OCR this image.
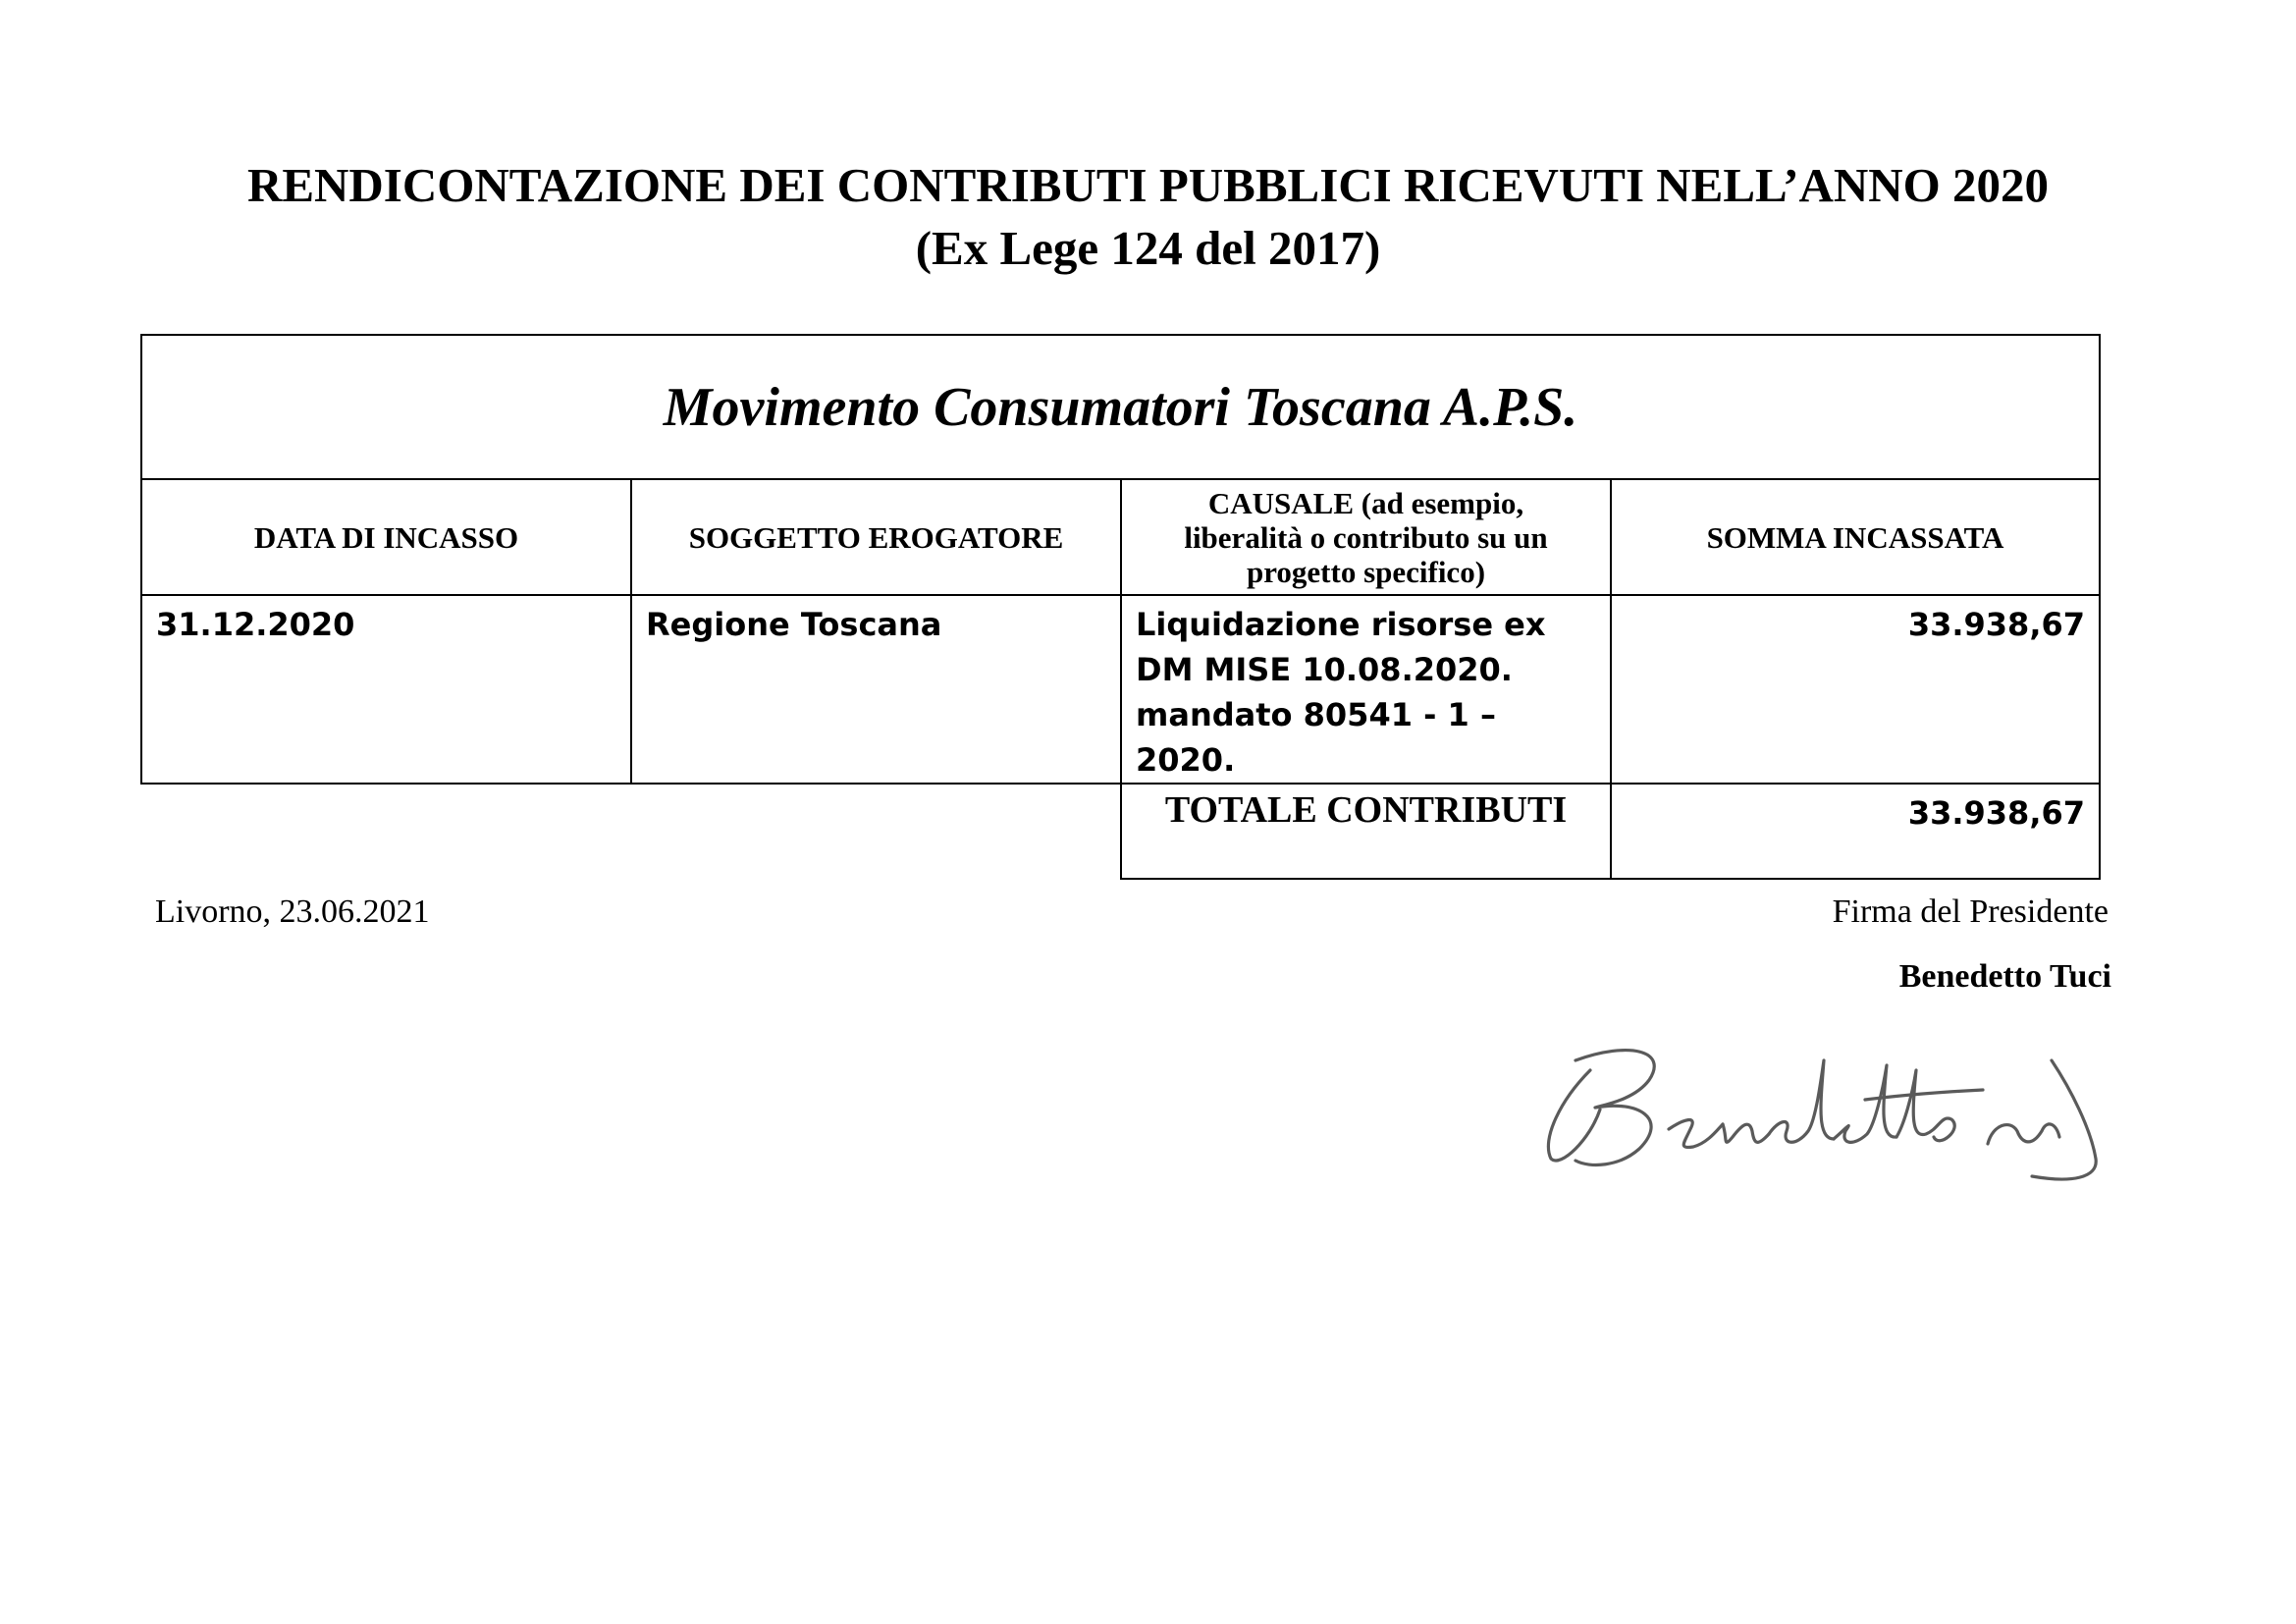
RENDICONTAZIONE DEI CONTRIBUTI PUBBLICI RICEVUTI NELL’ANNO 2020
(Ex Lege 124 del 2017)
Movimento Consumatori Toscana A.P.S.			
DATA DI INCASSO	SOGGETTO EROGATORE	CAUSALE (ad esempio, liberalità o contributo su un progetto specifico)	SOMMA INCASSATA

31.12.2020	Regione Toscana	Liquidazione risorse ex DM MISE 10.08.2020. mandato 80541 - 1 – 2020.	33.938,67

		TOTALE CONTRIBUTI	33.938,67
Livorno, 23.06.2021	Firma del Presidente
Benedetto Tuci
